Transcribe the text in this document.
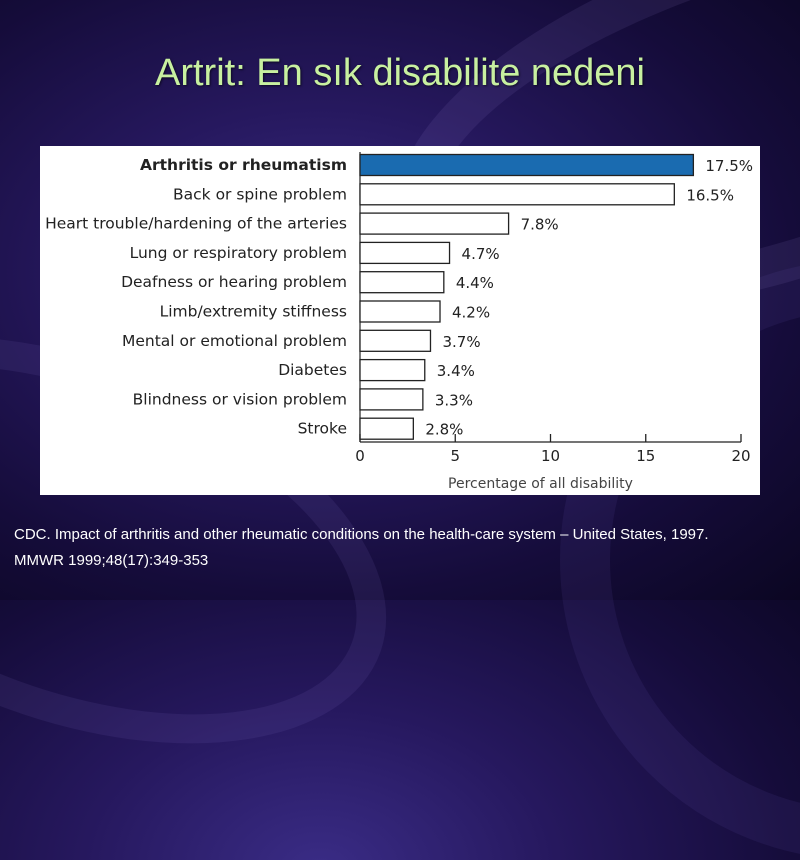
Artrit: En sık disabilite nedeni
Arthritis or rheumatism	17.5%
Back or spine problem	16.5%
Heart trouble/hardening of the arteries	7.8%
Lung or respiratory problem	4.7%
Deafness or hearing problem	4.4%
Limb/extremity stiffness	4.2%
Mental or emotional problem	3.7%
Diabetes	3.4%
Blindness or vision problem	3.3%
Stroke	2.8%
0	5	10	15	20
Percentage of all disability
CDC. Impact of arthritis and other rheumatic conditions on the health-care system – United States, 1997.
MMWR 1999;48(17):349-353
